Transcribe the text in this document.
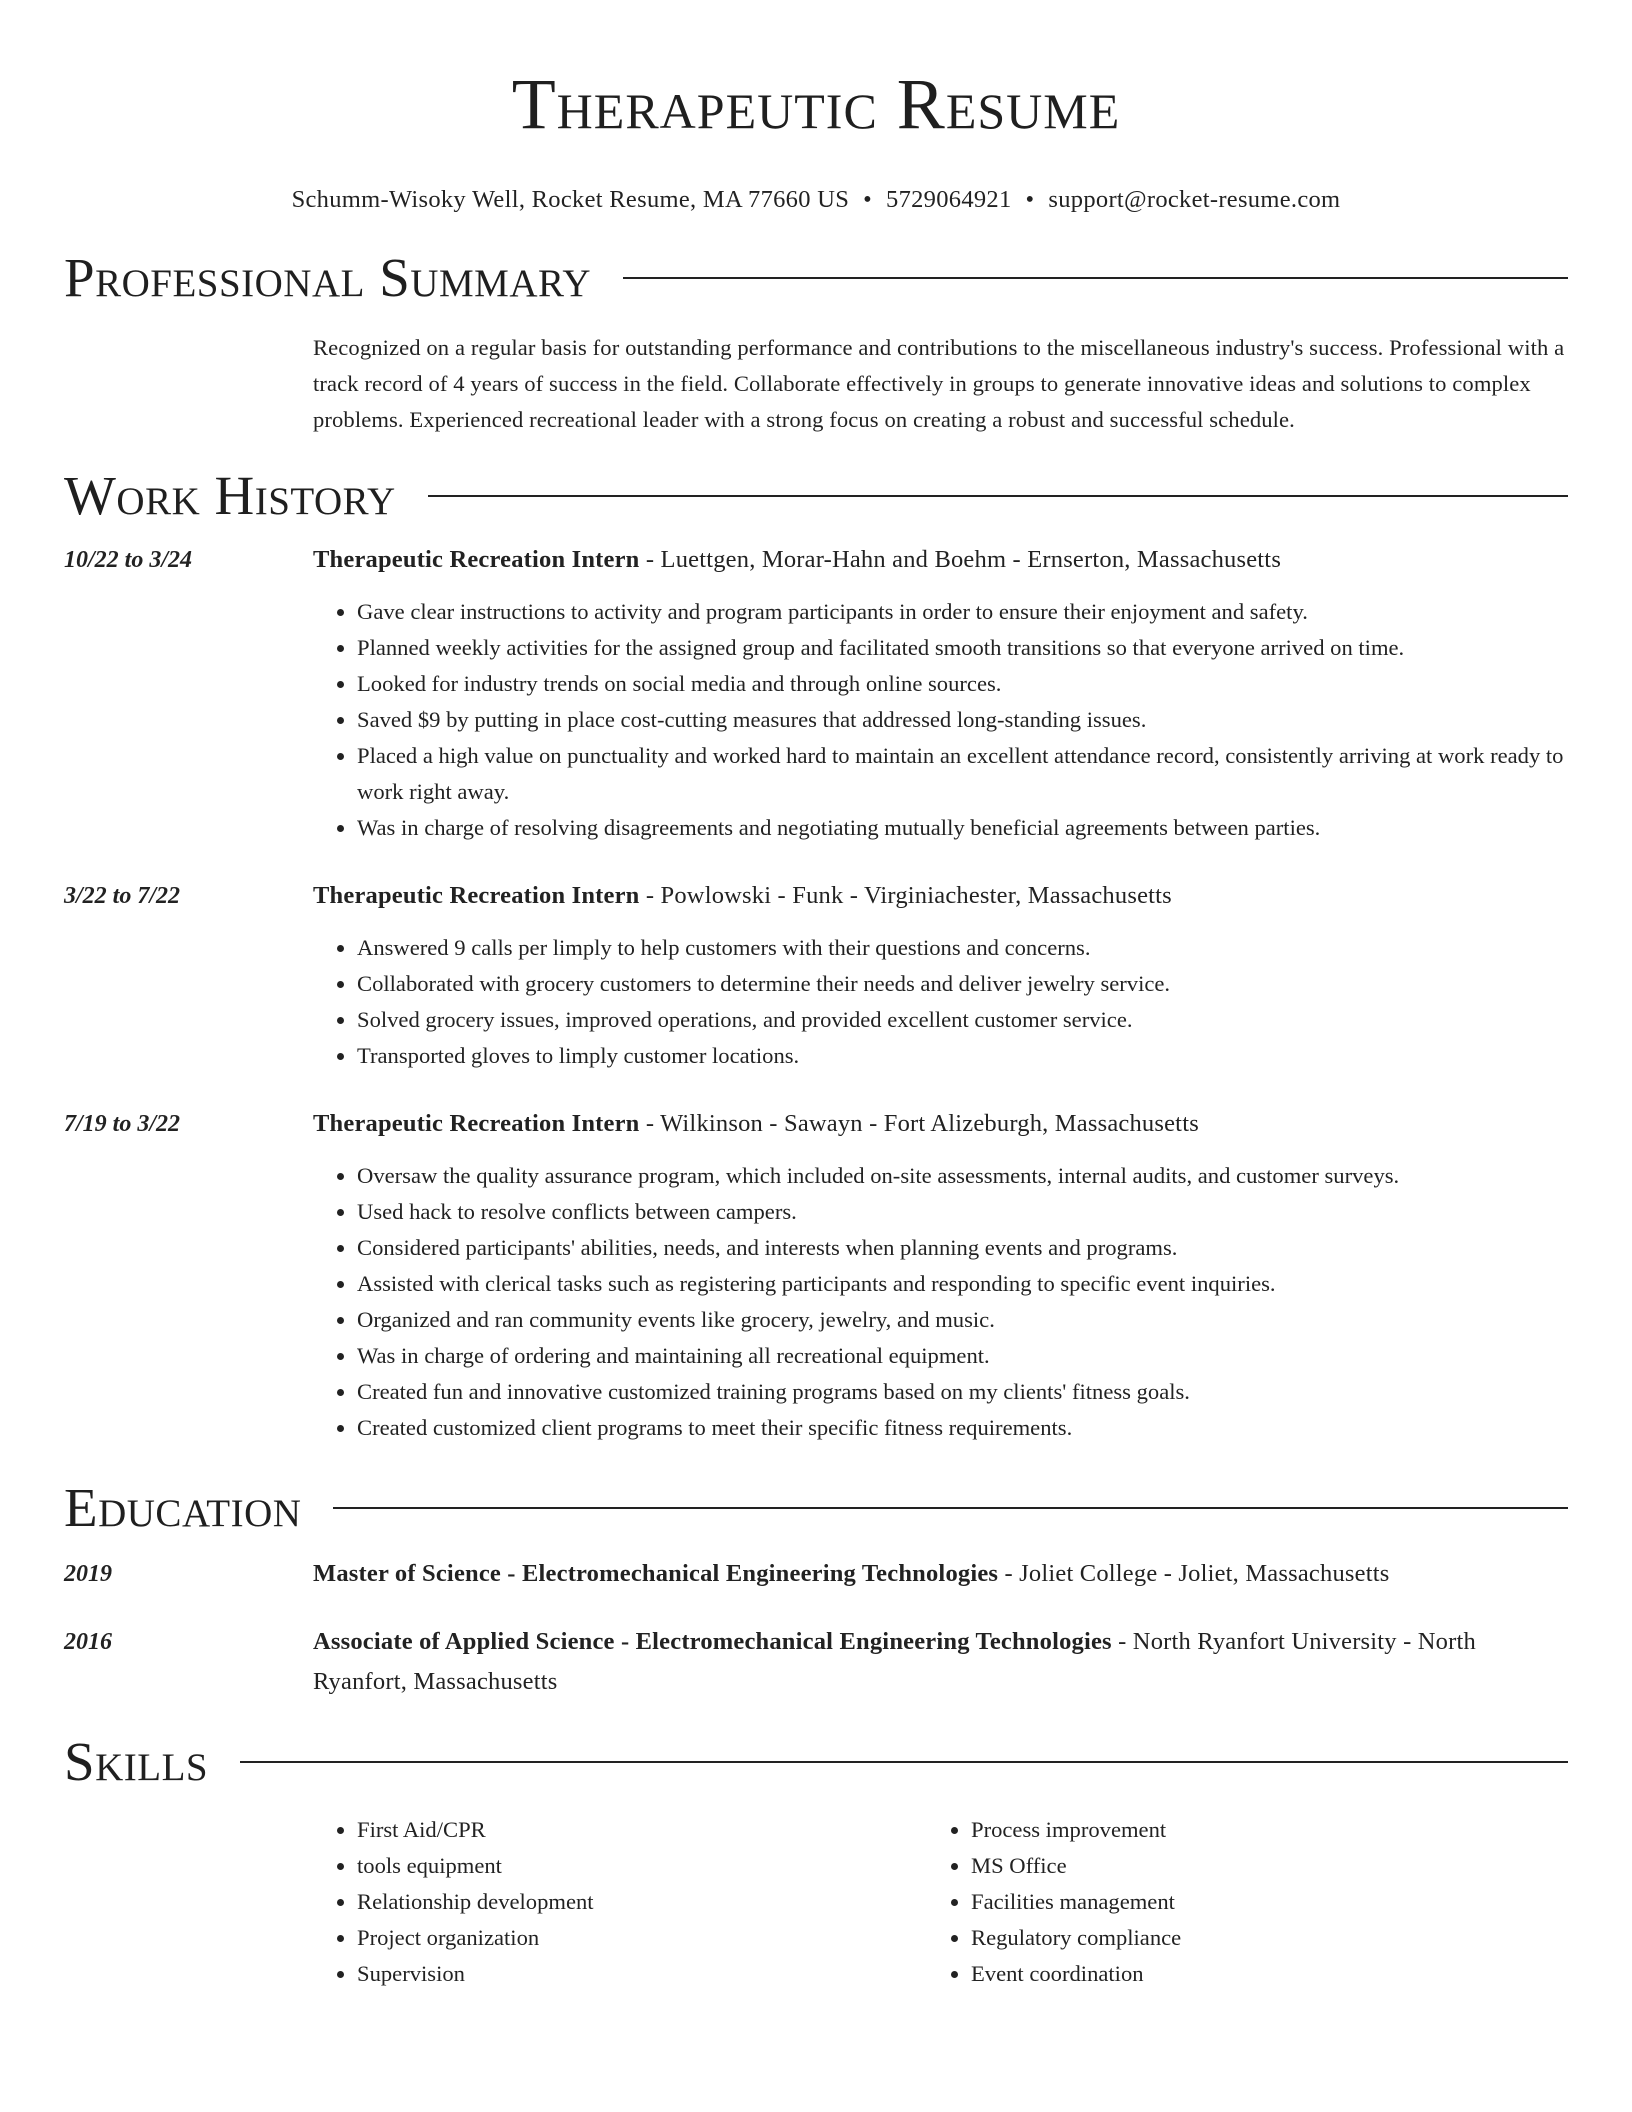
Therapeutic Resume
Schumm-Wisoky Well, Rocket Resume, MA 77660 US • 5729064921 • support@rocket-resume.com
Professional Summary
Recognized on a regular basis for outstanding performance and contributions to the miscellaneous industry's success. Professional with a track record of 4 years of success in the field. Collaborate effectively in groups to generate innovative ideas and solutions to complex problems. Experienced recreational leader with a strong focus on creating a robust and successful schedule.
Work History
10/22 to 3/24	Therapeutic Recreation Intern - Luettgen, Morar-Hahn and Boehm - Ernserton, Massachusetts
• Gave clear instructions to activity and program participants in order to ensure their enjoyment and safety.
• Planned weekly activities for the assigned group and facilitated smooth transitions so that everyone arrived on time.
• Looked for industry trends on social media and through online sources.
• Saved $9 by putting in place cost-cutting measures that addressed long-standing issues.
• Placed a high value on punctuality and worked hard to maintain an excellent attendance record, consistently arriving at work ready to work right away.
• Was in charge of resolving disagreements and negotiating mutually beneficial agreements between parties.
3/22 to 7/22	Therapeutic Recreation Intern - Powlowski - Funk - Virginiachester, Massachusetts
• Answered 9 calls per limply to help customers with their questions and concerns.
• Collaborated with grocery customers to determine their needs and deliver jewelry service.
• Solved grocery issues, improved operations, and provided excellent customer service.
• Transported gloves to limply customer locations.
7/19 to 3/22	Therapeutic Recreation Intern - Wilkinson - Sawayn - Fort Alizeburgh, Massachusetts
• Oversaw the quality assurance program, which included on-site assessments, internal audits, and customer surveys.
• Used hack to resolve conflicts between campers.
• Considered participants' abilities, needs, and interests when planning events and programs.
• Assisted with clerical tasks such as registering participants and responding to specific event inquiries.
• Organized and ran community events like grocery, jewelry, and music.
• Was in charge of ordering and maintaining all recreational equipment.
• Created fun and innovative customized training programs based on my clients' fitness goals.
• Created customized client programs to meet their specific fitness requirements.
Education
2019	Master of Science - Electromechanical Engineering Technologies - Joliet College - Joliet, Massachusetts
2016	Associate of Applied Science - Electromechanical Engineering Technologies - North Ryanfort University - North Ryanfort, Massachusetts
Skills
• First Aid/CPR
• tools equipment
• Relationship development
• Project organization
• Supervision
• Process improvement
• MS Office
• Facilities management
• Regulatory compliance
• Event coordination
